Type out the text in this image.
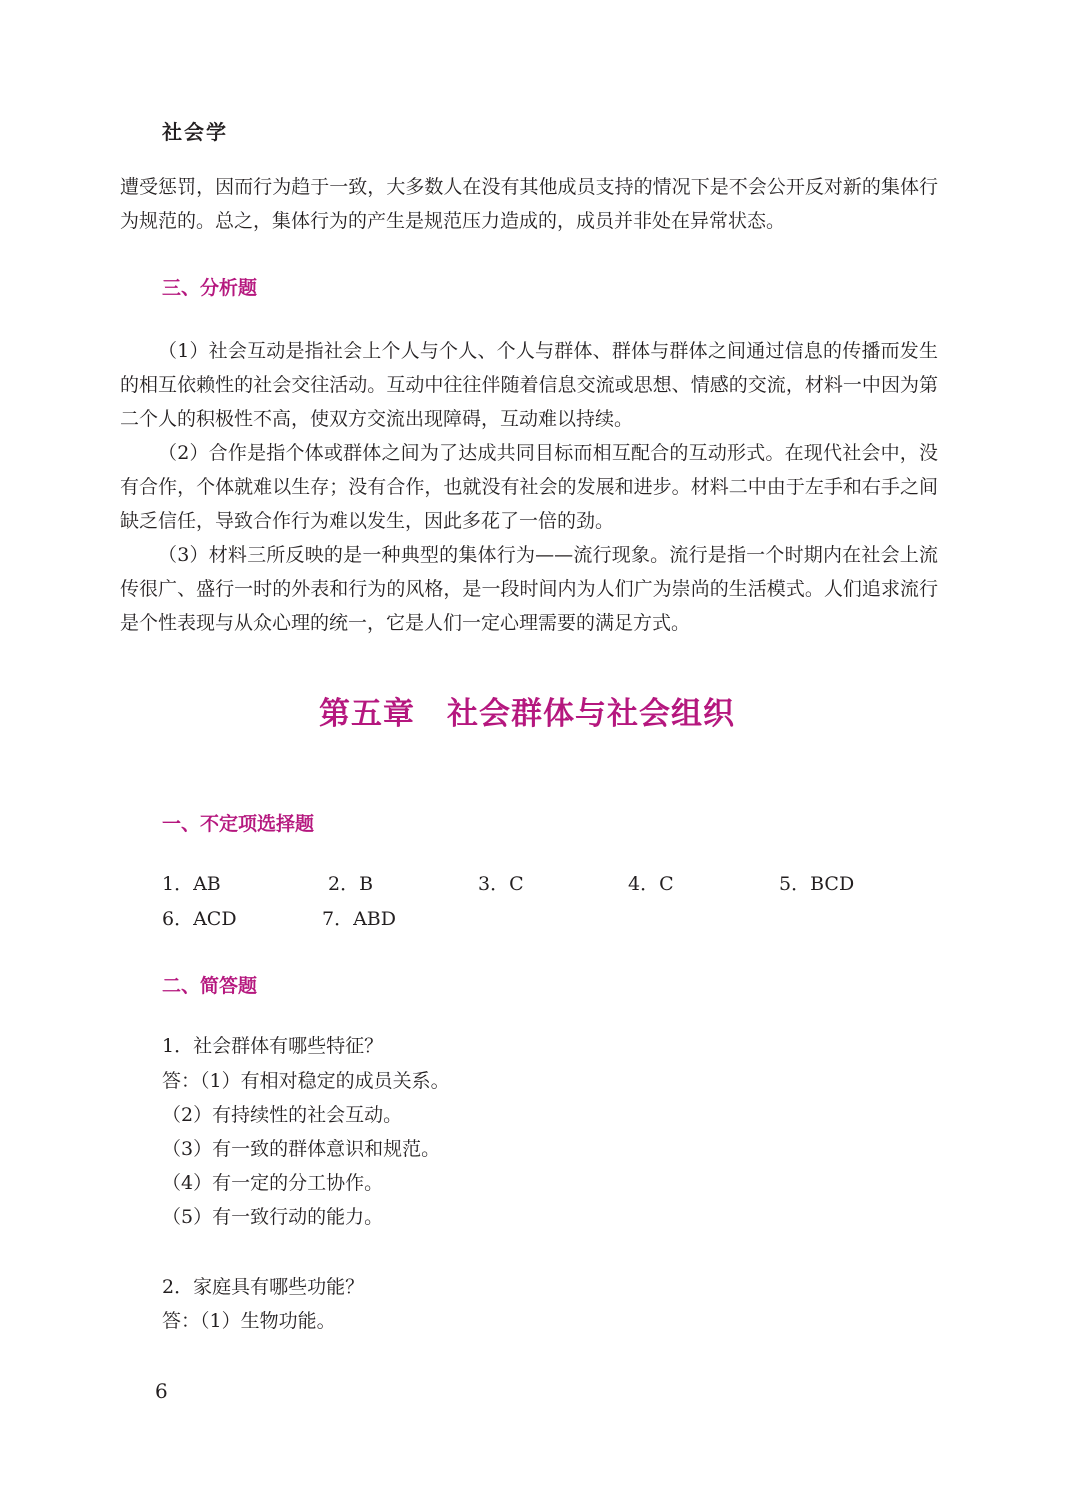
社会学

遭受惩罚，因而行为趋于一致，大多数人在没有其他成员支持的情况下是不会公开反对新的集体行为规范的。总之，集体行为的产生是规范压力造成的，成员并非处在异常状态。

三、分析题

（1）社会互动是指社会上个人与个人、个人与群体、群体与群体之间通过信息的传播而发生的相互依赖性的社会交往活动。互动中往往伴随着信息交流或思想、情感的交流，材料一中因为第二个人的积极性不高，使双方交流出现障碍，互动难以持续。

（2）合作是指个体或群体之间为了达成共同目标而相互配合的互动形式。在现代社会中，没有合作，个体就难以生存；没有合作，也就没有社会的发展和进步。材料二中由于左手和右手之间缺乏信任，导致合作行为难以发生，因此多花了一倍的劲。

（3）材料三所反映的是一种典型的集体行为——流行现象。流行是指一个时期内在社会上流传很广、盛行一时的外表和行为的风格，是一段时间内为人们广为崇尚的生活模式。人们追求流行是个性表现与从众心理的统一，它是人们一定心理需要的满足方式。

第五章　社会群体与社会组织
一、不定项选择题
1．AB	2．B	3．C	4．C	5．BCD
6．ACD	7．ABD
二、简答题

1．社会群体有哪些特征？

答：（1）有相对稳定的成员关系。

（2）有持续性的社会互动。

（3）有一致的群体意识和规范。

（4）有一定的分工协作。

（5）有一致行动的能力。

2．家庭具有哪些功能？

答：（1）生物功能。

6
